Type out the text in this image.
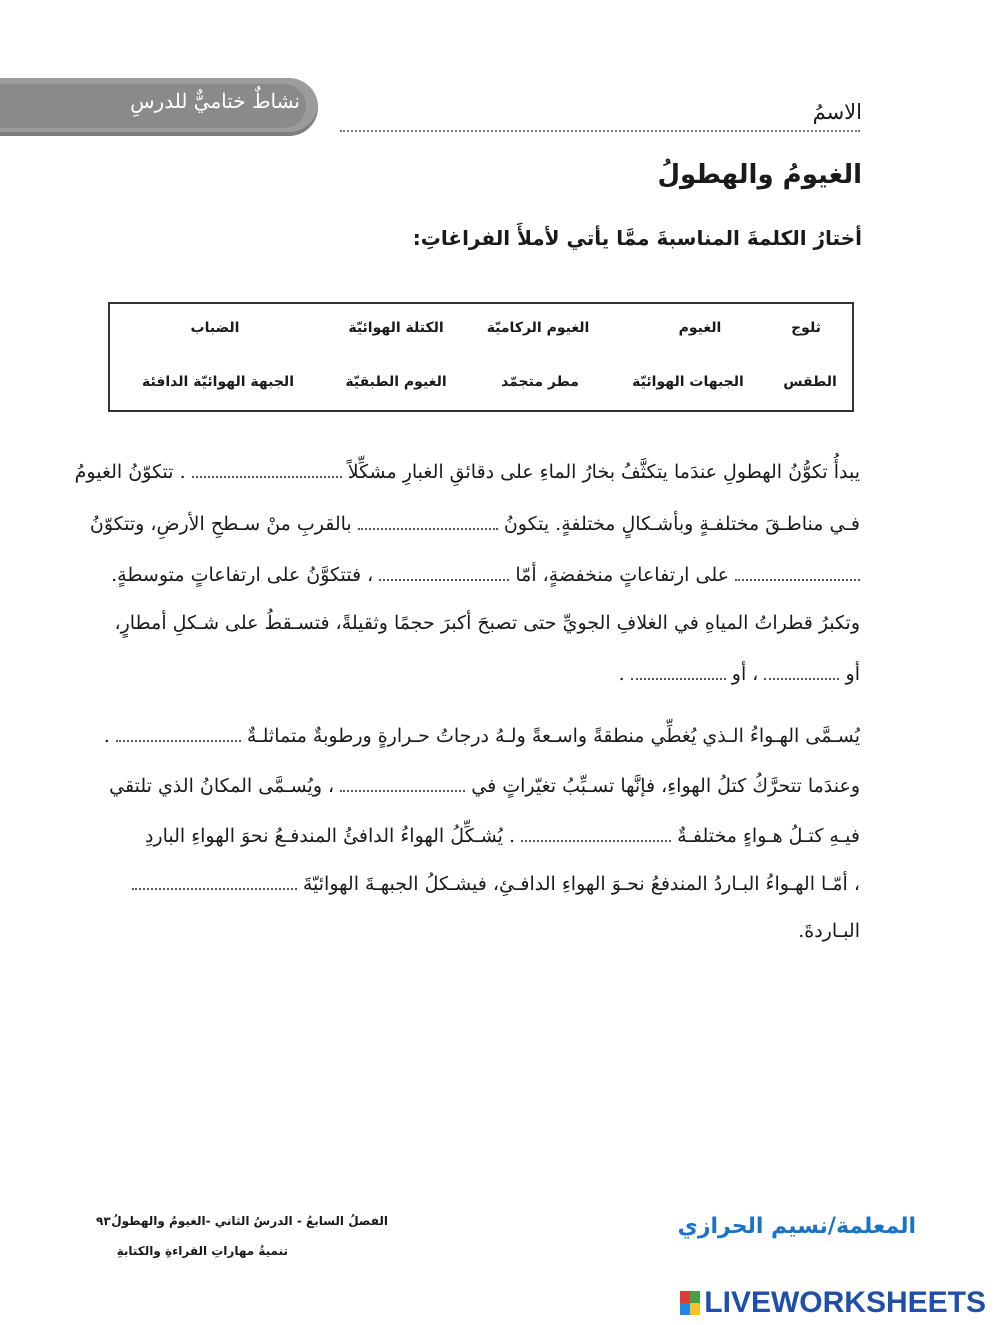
نشاطٌ ختاميٌّ للدرسِ	الاسمُ
الغيومُ والهطولُ
أختارُ الكلمةَ المناسبةَ ممَّا يأتي لأملأَ الفراغاتِ:
ثلوج
الغيوم
الغيوم الركاميّة
الكتلة الهوائيّة
الضباب
الطقس
الجبهات الهوائيّة
مطر متجمّد
الغيوم الطبقيّة
الجبهة الهوائيّة الدافئة
يبدأُ تكوُّنُ الهطولِ عندَما يتكثَّفُ بخارُ الماءِ على دقائقِ الغبارِ مشكِّلاً  . تتكوّنُ الغيومُ
فـي مناطـقَ مختلفـةٍ وبأشـكالٍ مختلفةٍ. يتكونُ  بالقربِ منْ سـطحِ الأرضِ، وتتكوّنُ
على ارتفاعاتٍ منخفضةٍ، أمّا  ، فتتكوَّنُ على ارتفاعاتٍ متوسطةٍ.
وتكبرُ قطراتُ المياهِ في الغلافِ الجويِّ حتى تصبحَ أكبرَ حجمًا وثقيلةً، فتسـقطُ على شـكلِ أمطارٍ،
أو  ، أو  .
يُسـمَّى الهـواءُ الـذي يُغطِّي منطقةً واسـعةً ولـهُ درجاتُ حـرارةٍ ورطوبةٌ متماثلـةٌ  .
وعندَما تتحرَّكُ كتلُ الهواءِ، فإنَّها تسـبِّبُ تغيّراتٍ في  ، ويُسـمَّى المكانُ الذي تلتقي
فيـهِ كتـلُ هـواءٍ مختلفـةٌ  . يُشـكِّلُ الهواءُ الدافئُ المندفـعُ نحوَ الهواءِ الباردِ
، أمّـا الهـواءُ البـاردُ المندفعُ نحـوَ الهواءِ الدافـئِ، فيشـكلُ الجبهـةَ الهوائيّةَ
البـاردةَ.
الفصلُ السابعُ - الدرسُ الثاني -الغيومُ والهطولُ
٩٣
تنميةُ مهاراتِ القراءةِ والكتابةِ
المعلمة/نسيم الحرازي
LIVEWORKSHEETS
